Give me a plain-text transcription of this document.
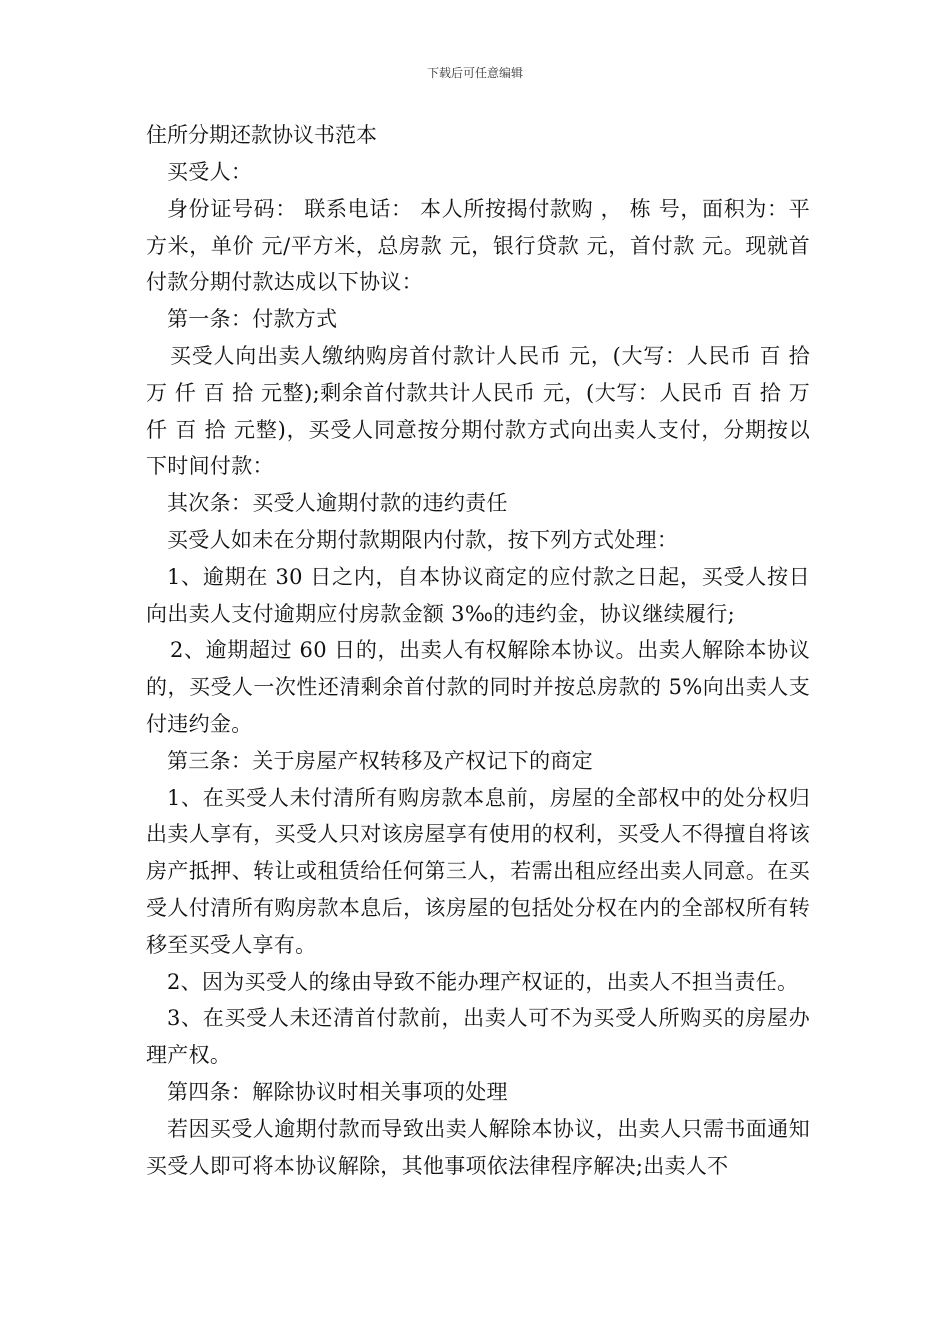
下载后可任意编辑
住所分期还款协议书范本

买受人：

身份证号码： 联系电话： 本人所按揭付款购 ， 栋 号，面积为：平方米，单价 元/平方米，总房款 元，银行贷款 元，首付款 元。现就首付款分期付款达成以下协议：

第一条：付款方式

买受人向出卖人缴纳购房首付款计人民币 元，(大写：人民币 百 拾 万 仟 百 拾 元整);剩余首付款共计人民币 元，(大写：人民币 百 拾 万 仟 百 拾 元整)，买受人同意按分期付款方式向出卖人支付，分期按以下时间付款：

其次条：买受人逾期付款的违约责任

买受人如未在分期付款期限内付款，按下列方式处理：

1、逾期在 30 日之内，自本协议商定的应付款之日起，买受人按日向出卖人支付逾期应付房款金额 3‰的违约金，协议继续履行;

2、逾期超过 60 日的，出卖人有权解除本协议。出卖人解除本协议的，买受人一次性还清剩余首付款的同时并按总房款的 5%向出卖人支付违约金。

第三条：关于房屋产权转移及产权记下的商定

1、在买受人未付清所有购房款本息前，房屋的全部权中的处分权归出卖人享有，买受人只对该房屋享有使用的权利，买受人不得擅自将该房产抵押、转让或租赁给任何第三人，若需出租应经出卖人同意。在买受人付清所有购房款本息后，该房屋的包括处分权在内的全部权所有转移至买受人享有。

2、因为买受人的缘由导致不能办理产权证的，出卖人不担当责任。

3、在买受人未还清首付款前，出卖人可不为买受人所购买的房屋办理产权。

第四条：解除协议时相关事项的处理

若因买受人逾期付款而导致出卖人解除本协议，出卖人只需书面通知买受人即可将本协议解除，其他事项依法律程序解决;出卖人不
